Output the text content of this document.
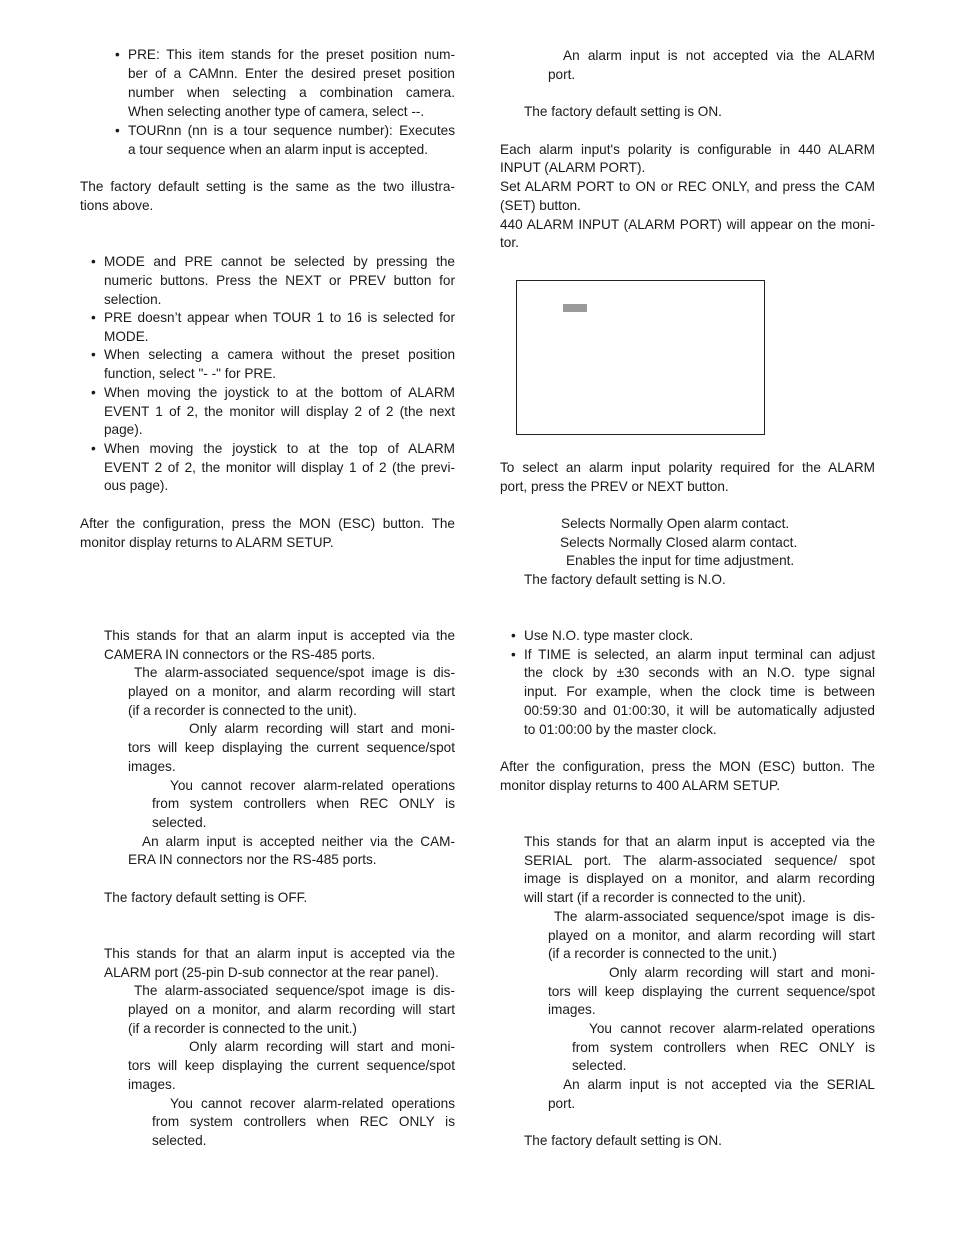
• PRE: This item stands for the preset position num-
ber of a CAMnn. Enter the desired preset position
number when selecting a combination camera.
When selecting another type of camera, select --.
• TOURnn (nn is a tour sequence number): Executes
a tour sequence when an alarm input is accepted.
The factory default setting is the same as the two illustra-
tions above.
• MODE and PRE cannot be selected by pressing the
numeric buttons. Press the NEXT or PREV button for
selection.
• PRE doesn’t appear when TOUR 1 to 16 is selected for
MODE.
• When selecting a camera without the preset position
function, select "- -" for PRE.
• When moving the joystick to at the bottom of ALARM
EVENT 1 of 2, the monitor will display 2 of 2 (the next
page).
• When moving the joystick to at the top of ALARM
EVENT 2 of 2, the monitor will display 1 of 2 (the previ-
ous page).
After the configuration, press the MON (ESC) button. The
monitor display returns to ALARM SETUP.
This stands for that an alarm input is accepted via the
CAMERA IN connectors or the RS-485 ports.
The alarm-associated sequence/spot image is dis-
played on a monitor, and alarm recording will start
(if a recorder is connected to the unit).
Only alarm recording will start and moni-
tors will keep displaying the current sequence/spot
images.
You cannot recover alarm-related operations
from system controllers when REC ONLY is
selected.
An alarm input is accepted neither via the CAM-
ERA IN connectors nor the RS-485 ports.
The factory default setting is OFF.
This stands for that an alarm input is accepted via the
ALARM port (25-pin D-sub connector at the rear panel).
The alarm-associated sequence/spot image is dis-
played on a monitor, and alarm recording will start
(if a recorder is connected to the unit.)
Only alarm recording will start and moni-
tors will keep displaying the current sequence/spot
images.
You cannot recover alarm-related operations
from system controllers when REC ONLY is
selected.
An alarm input is not accepted via the ALARM
port.
The factory default setting is ON.
Each alarm input's polarity is configurable in 440 ALARM
INPUT (ALARM PORT).
Set ALARM PORT to ON or REC ONLY, and press the CAM
(SET) button.
440 ALARM INPUT (ALARM PORT) will appear on the moni-
tor.
To select an alarm input polarity required for the ALARM
port, press the PREV or NEXT button.
Selects Normally Open alarm contact.
Selects Normally Closed alarm contact.
Enables the input for time adjustment.
The factory default setting is N.O.
• Use N.O. type master clock.
• If TIME is selected, an alarm input terminal can adjust
the clock by ±30 seconds with an N.O. type signal
input. For example, when the clock time is between
00:59:30 and 01:00:30, it will be automatically adjusted
to 01:00:00 by the master clock.
After the configuration, press the MON (ESC) button. The
monitor display returns to 400 ALARM SETUP.
This stands for that an alarm input is accepted via the
SERIAL port. The alarm-associated sequence/ spot
image is displayed on a monitor, and alarm recording
will start (if a recorder is connected to the unit).
The alarm-associated sequence/spot image is dis-
played on a monitor, and alarm recording will start
(if a recorder is connected to the unit.)
Only alarm recording will start and moni-
tors will keep displaying the current sequence/spot
images.
You cannot recover alarm-related operations
from system controllers when REC ONLY is
selected.
An alarm input is not accepted via the SERIAL
port.
The factory default setting is ON.
